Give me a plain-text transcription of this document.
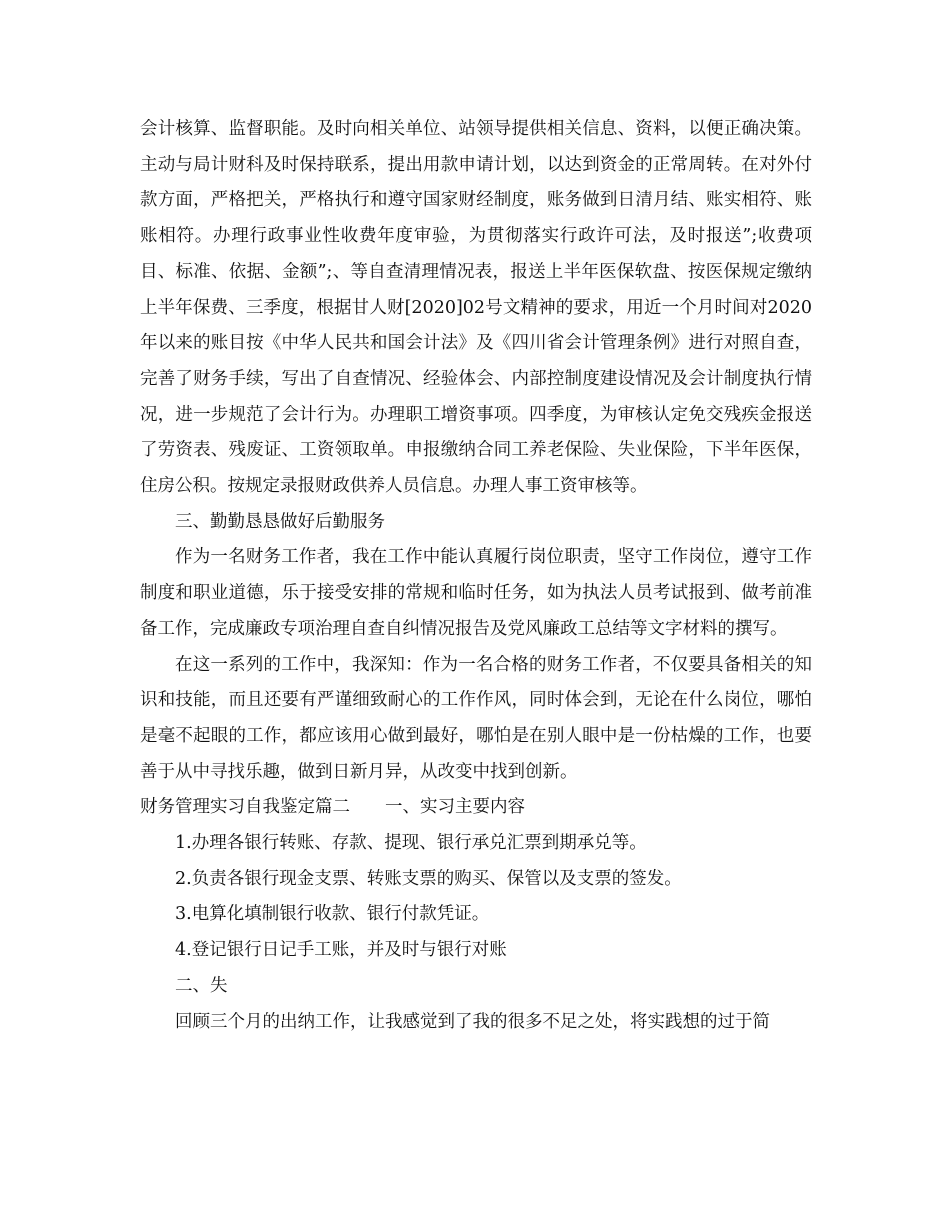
会计核算、监督职能。及时向相关单位、站领导提供相关信息、资料，以便正确决策。主动与局计财科及时保持联系，提出用款申请计划，以达到资金的正常周转。在对外付款方面，严格把关，严格执行和遵守国家财经制度，账务做到日清月结、账实相符、账账相符。办理行政事业性收费年度审验，为贯彻落实行政许可法，及时报送”;收费项目、标准、依据、金额”;、等自查清理情况表，报送上半年医保软盘、按医保规定缴纳上半年保费、三季度，根据甘人财[2020]02号文精神的要求，用近一个月时间对2020年以来的账目按《中华人民共和国会计法》及《四川省会计管理条例》进行对照自查，完善了财务手续，写出了自查情况、经验体会、内部控制度建设情况及会计制度执行情况，进一步规范了会计行为。办理职工增资事项。四季度，为审核认定免交残疾金报送了劳资表、残废证、工资领取单。申报缴纳合同工养老保险、失业保险，下半年医保，住房公积。按规定录报财政供养人员信息。办理人事工资审核等。

三、勤勤恳恳做好后勤服务

作为一名财务工作者，我在工作中能认真履行岗位职责，坚守工作岗位，遵守工作制度和职业道德，乐于接受安排的常规和临时任务，如为执法人员考试报到、做考前准备工作，完成廉政专项治理自查自纠情况报告及党风廉政工总结等文字材料的撰写。

在这一系列的工作中，我深知：作为一名合格的财务工作者，不仅要具备相关的知识和技能，而且还要有严谨细致耐心的工作作风，同时体会到，无论在什么岗位，哪怕是毫不起眼的工作，都应该用心做到最好，哪怕是在别人眼中是一份枯燥的工作，也要善于从中寻找乐趣，做到日新月异，从改变中找到创新。

财务管理实习自我鉴定篇二　　一、实习主要内容

1.办理各银行转账、存款、提现、银行承兑汇票到期承兑等。

2.负责各银行现金支票、转账支票的购买、保管以及支票的签发。

3.电算化填制银行收款、银行付款凭证。

4.登记银行日记手工账，并及时与银行对账

二、失

回顾三个月的出纳工作，让我感觉到了我的很多不足之处，将实践想的过于简
